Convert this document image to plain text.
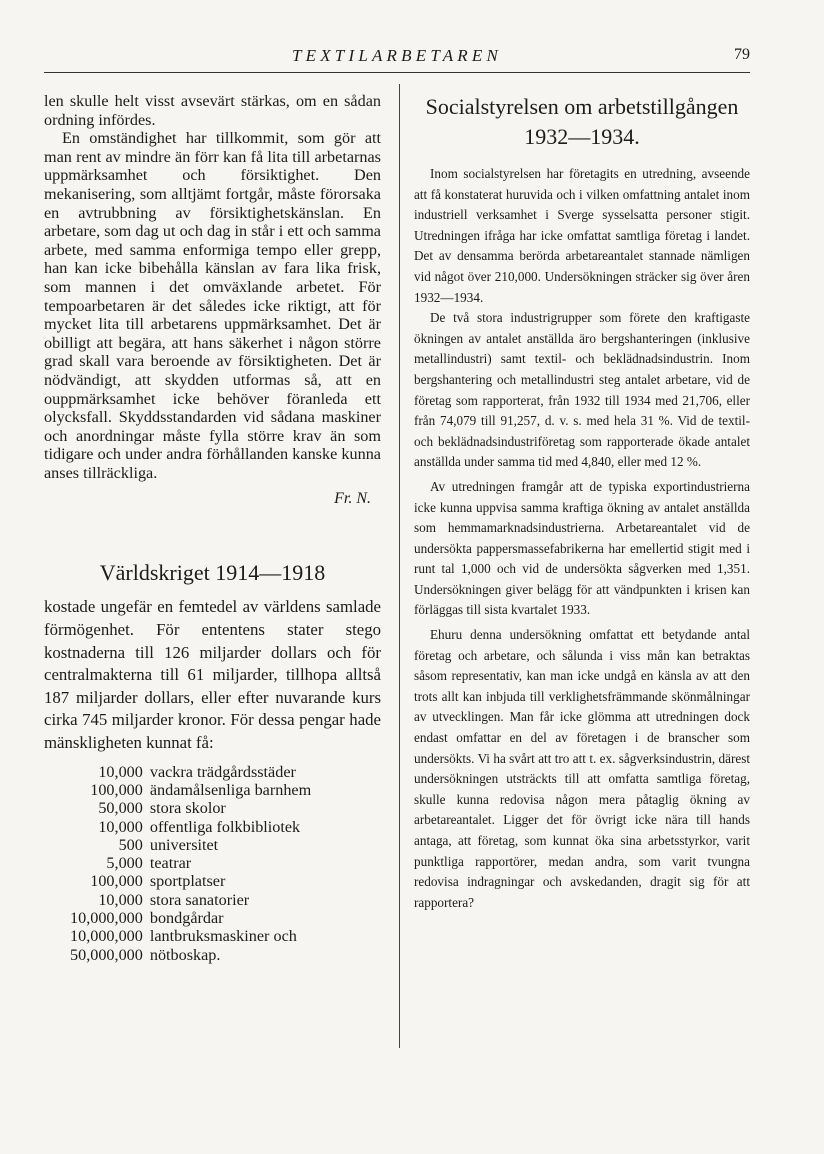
TEXTILARBETAREN	79

len skulle helt visst avsevärt stärkas, om en sådan ordning infördes.

En omständighet har tillkommit, som gör att man rent av mindre än förr kan få lita till arbetarnas uppmärksamhet och försiktighet. Den mekanisering, som alltjämt fortgår, måste förorsaka en avtrubbning av försiktighetskänslan. En arbetare, som dag ut och dag in står i ett och samma arbete, med samma enformiga tempo eller grepp, han kan icke bibehålla känslan av fara lika frisk, som mannen i det omväxlande arbetet. För tempoarbetaren är det således icke riktigt, att för mycket lita till arbetarens uppmärksamhet. Det är obilligt att begära, att hans säkerhet i någon större grad skall vara beroende av försiktigheten. Det är nödvändigt, att skydden utformas så, att en ouppmärksamhet icke behöver föranleda ett olycksfall. Skyddsstandarden vid sådana maskiner och anordningar måste fylla större krav än som tidigare och under andra förhållanden kanske kunna anses tillräckliga.

Fr. N.
Världskriget 1914—1918

kostade ungefär en femtedel av världens samlade förmögenhet. För ententens stater stego kostnaderna till 126 miljarder dollars och för centralmakterna till 61 miljarder, tillhopa alltså 187 miljarder dollars, eller efter nuvarande kurs cirka 745 miljarder kronor. För dessa pengar hade mänskligheten kunnat få:

10,000	vackra trädgårdsstäder
100,000	ändamålsenliga barnhem
50,000	stora skolor
10,000	offentliga folkbibliotek
500	universitet
5,000	teatrar
100,000	sportplatser
10,000	stora sanatorier
10,000,000	bondgårdar
10,000,000	lantbruksmaskiner och
50,000,000	nötboskap.
Socialstyrelsen om arbetstillgången
1932—1934.

Inom socialstyrelsen har företagits en utredning, avseende att få konstaterat huruvida och i vilken omfattning antalet inom industriell verksamhet i Sverge sysselsatta personer stigit. Utredningen ifråga har icke omfattat samtliga företag i landet. Det av densamma berörda arbetareantalet stannade nämligen vid något över 210,000. Undersökningen sträcker sig över åren 1932—1934.

De två stora industrigrupper som förete den kraftigaste ökningen av antalet anställda äro bergshanteringen (inklusive metallindustri) samt textil- och beklädnadsindustrin. Inom bergshantering och metallindustri steg antalet arbetare, vid de företag som rapporterat, från 1932 till 1934 med 21,706, eller från 74,079 till 91,257, d. v. s. med hela 31 %. Vid de textil- och beklädnadsindustriföretag som rapporterade ökade antalet anställda under samma tid med 4,840, eller med 12 %.

Av utredningen framgår att de typiska exportindustrierna icke kunna uppvisa samma kraftiga ökning av antalet anställda som hemmamarknadsindustrierna. Arbetareantalet vid de undersökta pappersmassefabrikerna har emellertid stigit med i runt tal 1,000 och vid de undersökta sågverken med 1,351. Undersökningen giver belägg för att vändpunkten i krisen kan förläggas till sista kvartalet 1933.

Ehuru denna undersökning omfattat ett betydande antal företag och arbetare, och sålunda i viss mån kan betraktas såsom representativ, kan man icke undgå en känsla av att den trots allt kan inbjuda till verklighetsfrämmande skönmålningar av utvecklingen. Man får icke glömma att utredningen dock endast omfattar en del av företagen i de branscher som undersökts. Vi ha svårt att tro att t. ex. sågverksindustrin, därest undersökningen utsträckts till att omfatta samtliga företag, skulle kunna redovisa någon mera påtaglig ökning av arbetareantalet. Ligger det för övrigt icke nära till hands antaga, att företag, som kunnat öka sina arbetsstyrkor, varit punktliga rapportörer, medan andra, som varit tvungna redovisa indragningar och avskedanden, dragit sig för att rapportera?
